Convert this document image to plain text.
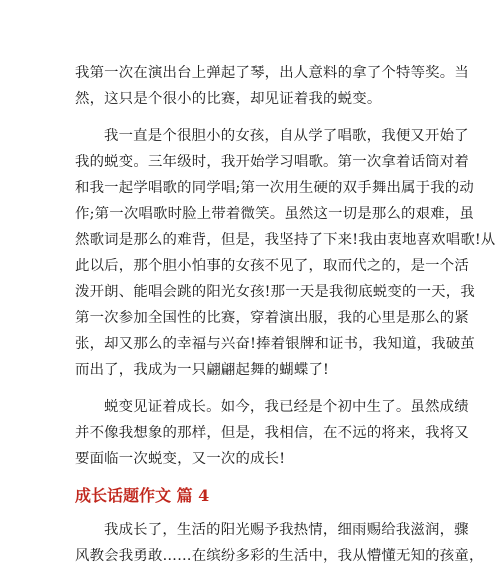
我第一次在演出台上弹起了琴，出人意料的拿了个特等奖。当
然，这只是个很小的比赛，却见证着我的蜕变。
我一直是个很胆小的女孩，自从学了唱歌，我便又开始了
我的蜕变。三年级时，我开始学习唱歌。第一次拿着话筒对着
和我一起学唱歌的同学唱;第一次用生硬的双手舞出属于我的动
作;第一次唱歌时脸上带着微笑。虽然这一切是那么的艰难，虽
然歌词是那么的难背，但是，我坚持了下来!我由衷地喜欢唱歌!从
此以后，那个胆小怕事的女孩不见了，取而代之的，是一个活
泼开朗、能唱会跳的阳光女孩!那一天是我彻底蜕变的一天，我
第一次参加全国性的比赛，穿着演出服，我的心里是那么的紧
张，却又那么的幸福与兴奋!捧着银牌和证书，我知道，我破茧
而出了，我成为一只翩翩起舞的蝴蝶了!
蜕变见证着成长。如今，我已经是个初中生了。虽然成绩
并不像我想象的那样，但是，我相信，在不远的将来，我将又
要面临一次蜕变，又一次的成长!
成长话题作文 篇 4
我成长了，生活的阳光赐予我热情，细雨赐给我滋润，骤
风教会我勇敢……在缤纷多彩的生活中，我从懵懂无知的孩童，
